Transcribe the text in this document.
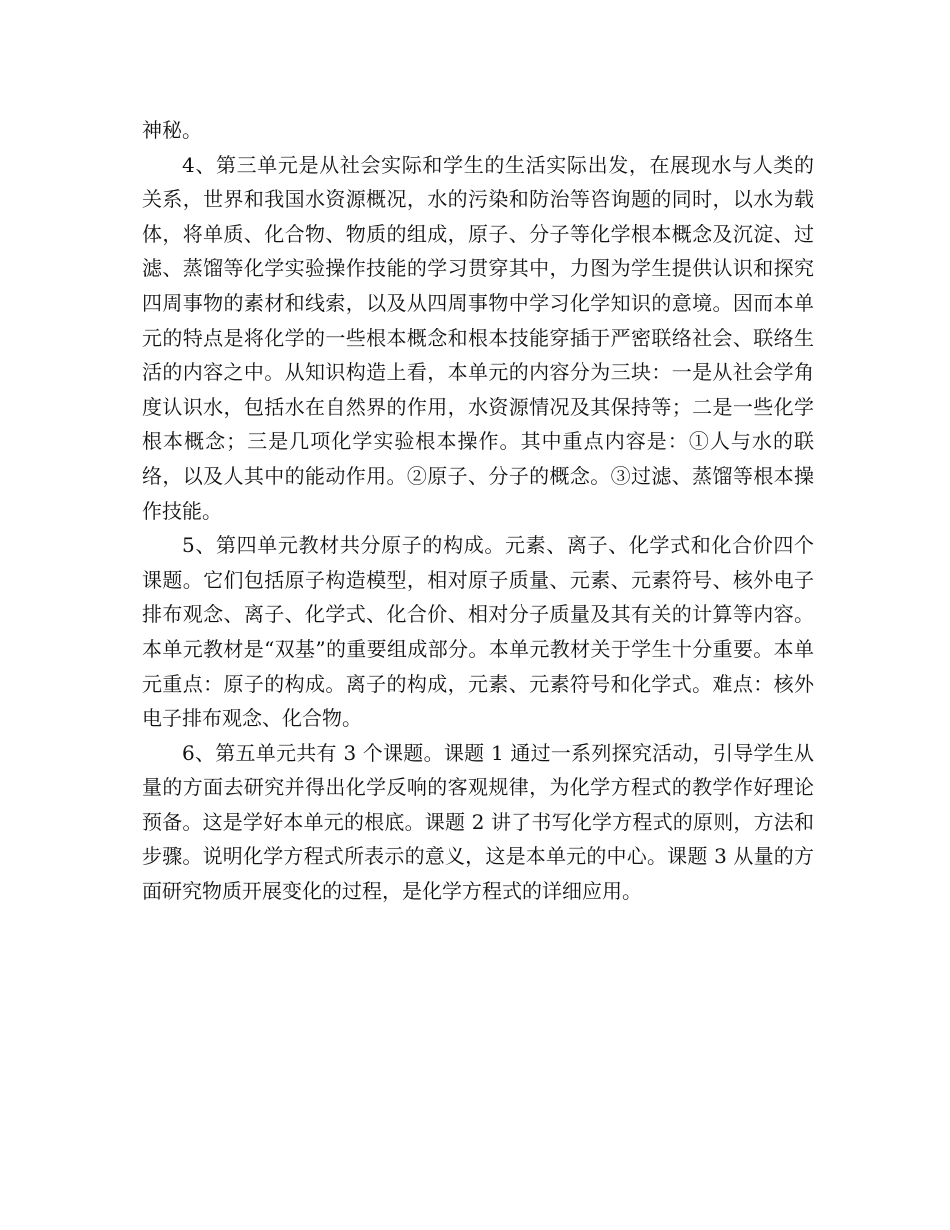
神秘。

4、第三单元是从社会实际和学生的生活实际出发，在展现水与人类的关系，世界和我国水资源概况，水的污染和防治等咨询题的同时，以水为载体，将单质、化合物、物质的组成，原子、分子等化学根本概念及沉淀、过滤、蒸馏等化学实验操作技能的学习贯穿其中，力图为学生提供认识和探究四周事物的素材和线索，以及从四周事物中学习化学知识的意境。因而本单元的特点是将化学的一些根本概念和根本技能穿插于严密联络社会、联络生活的内容之中。从知识构造上看，本单元的内容分为三块：一是从社会学角度认识水，包括水在自然界的作用，水资源情况及其保持等；二是一些化学根本概念；三是几项化学实验根本操作。其中重点内容是：①人与水的联络，以及人其中的能动作用。②原子、分子的概念。③过滤、蒸馏等根本操作技能。

5、第四单元教材共分原子的构成。元素、离子、化学式和化合价四个课题。它们包括原子构造模型，相对原子质量、元素、元素符号、核外电子排布观念、离子、化学式、化合价、相对分子质量及其有关的计算等内容。本单元教材是“双基”的重要组成部分。本单元教材关于学生十分重要。本单元重点：原子的构成。离子的构成，元素、元素符号和化学式。难点：核外电子排布观念、化合物。

6、第五单元共有 3 个课题。课题 1 通过一系列探究活动，引导学生从量的方面去研究并得出化学反响的客观规律，为化学方程式的教学作好理论预备。这是学好本单元的根底。课题 2 讲了书写化学方程式的原则，方法和步骤。说明化学方程式所表示的意义，这是本单元的中心。课题 3 从量的方面研究物质开展变化的过程，是化学方程式的详细应用。
